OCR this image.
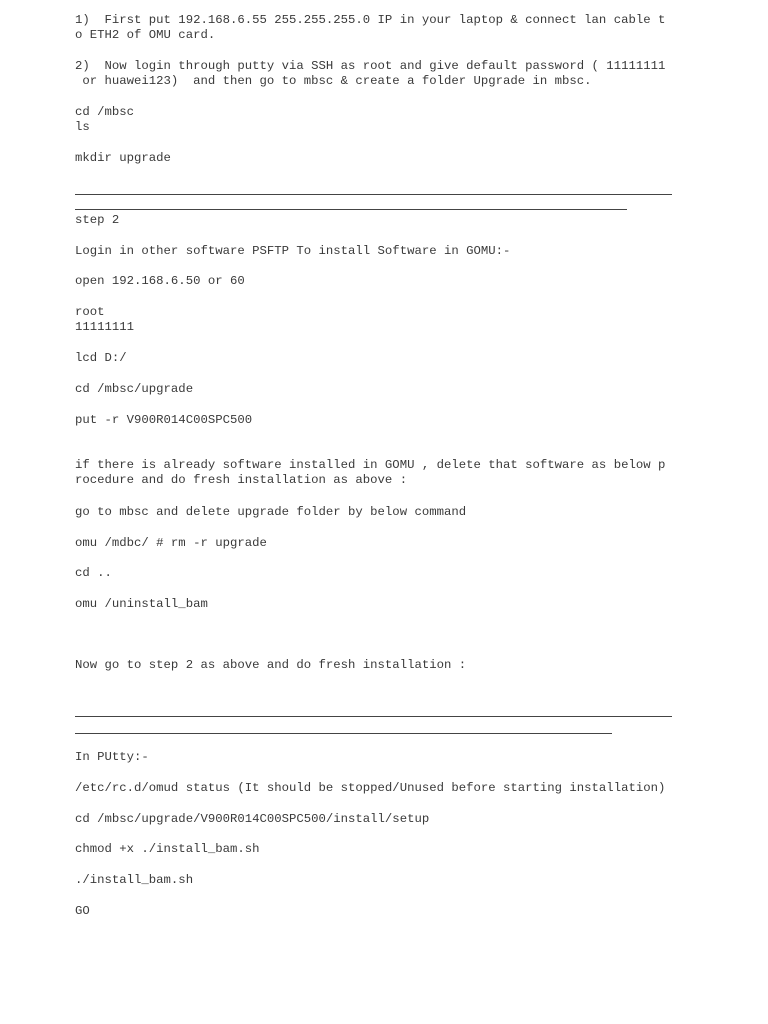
1)  First put 192.168.6.55 255.255.255.0 IP in your laptop & connect lan cable t
o ETH2 of OMU card.
2)  Now login through putty via SSH as root and give default password ( 11111111
or huawei123)  and then go to mbsc & create a folder Upgrade in mbsc.
cd /mbsc
ls
mkdir upgrade
step 2
Login in other software PSFTP To install Software in GOMU:-
open 192.168.6.50 or 60
root
11111111
lcd D:/
cd /mbsc/upgrade
put -r V900R014C00SPC500
if there is already software installed in GOMU , delete that software as below p
rocedure and do fresh installation as above :
go to mbsc and delete upgrade folder by below command
omu /mdbc/ # rm -r upgrade
cd ..
omu /uninstall_bam
Now go to step 2 as above and do fresh installation :
In PUtty:-
/etc/rc.d/omud status (It should be stopped/Unused before starting installation)
cd /mbsc/upgrade/V900R014C00SPC500/install/setup
chmod +x ./install_bam.sh
./install_bam.sh
GO
